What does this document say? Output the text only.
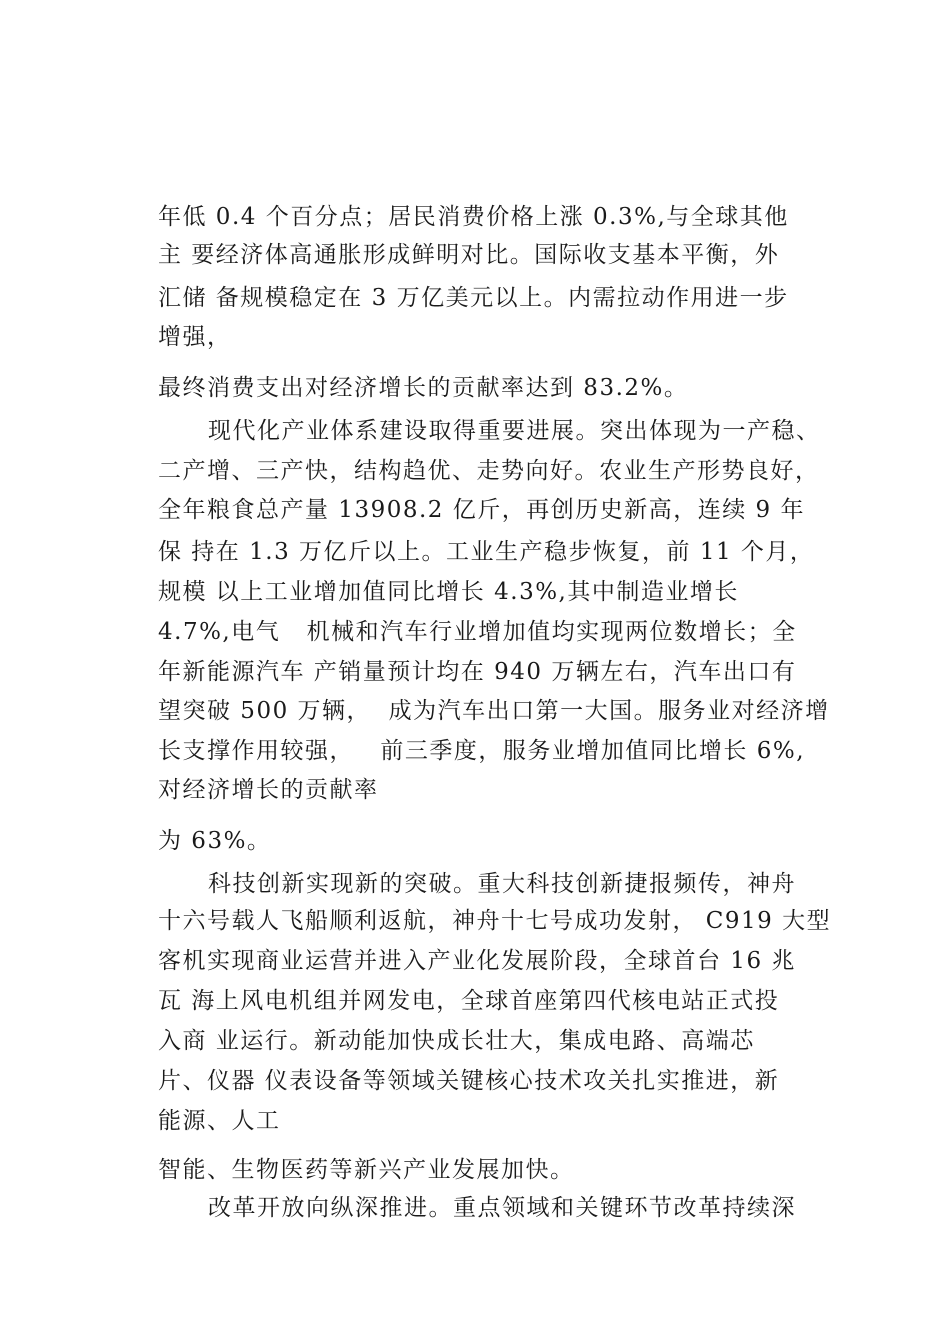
年低 0.4 个百分点；居民消费价格上涨 0.3%,与全球其他
主 要经济体高通胀形成鲜明对比。国际收支基本平衡，外
汇储 备规模稳定在 3 万亿美元以上。内需拉动作用进一步
增强，
最终消费支出对经济增长的贡献率达到 83.2%。
现代化产业体系建设取得重要进展。突出体现为一产稳、
二产增、三产快，结构趋优、走势向好。农业生产形势良好，
全年粮食总产量 13908.2 亿斤，再创历史新高，连续 9 年
保 持在 1.3 万亿斤以上。工业生产稳步恢复，前 11 个月，
规模 以上工业增加值同比增长 4.3%,其中制造业增长
4.7%,电气   机械和汽车行业增加值均实现两位数增长；全
年新能源汽车 产销量预计均在 940 万辆左右，汽车出口有
望突破 500 万辆，  成为汽车出口第一大国。服务业对经济增
长支撑作用较强，   前三季度，服务业增加值同比增长 6%,
对经济增长的贡献率
为 63%。
科技创新实现新的突破。重大科技创新捷报频传，神舟
十六号载人飞船顺利返航，神舟十七号成功发射， C919 大型
客机实现商业运营并进入产业化发展阶段，全球首台 16 兆
瓦 海上风电机组并网发电，全球首座第四代核电站正式投
入商 业运行。新动能加快成长壮大，集成电路、高端芯
片、仪器 仪表设备等领域关键核心技术攻关扎实推进，新
能源、人工
智能、生物医药等新兴产业发展加快。
改革开放向纵深推进。重点领域和关键环节改革持续深
